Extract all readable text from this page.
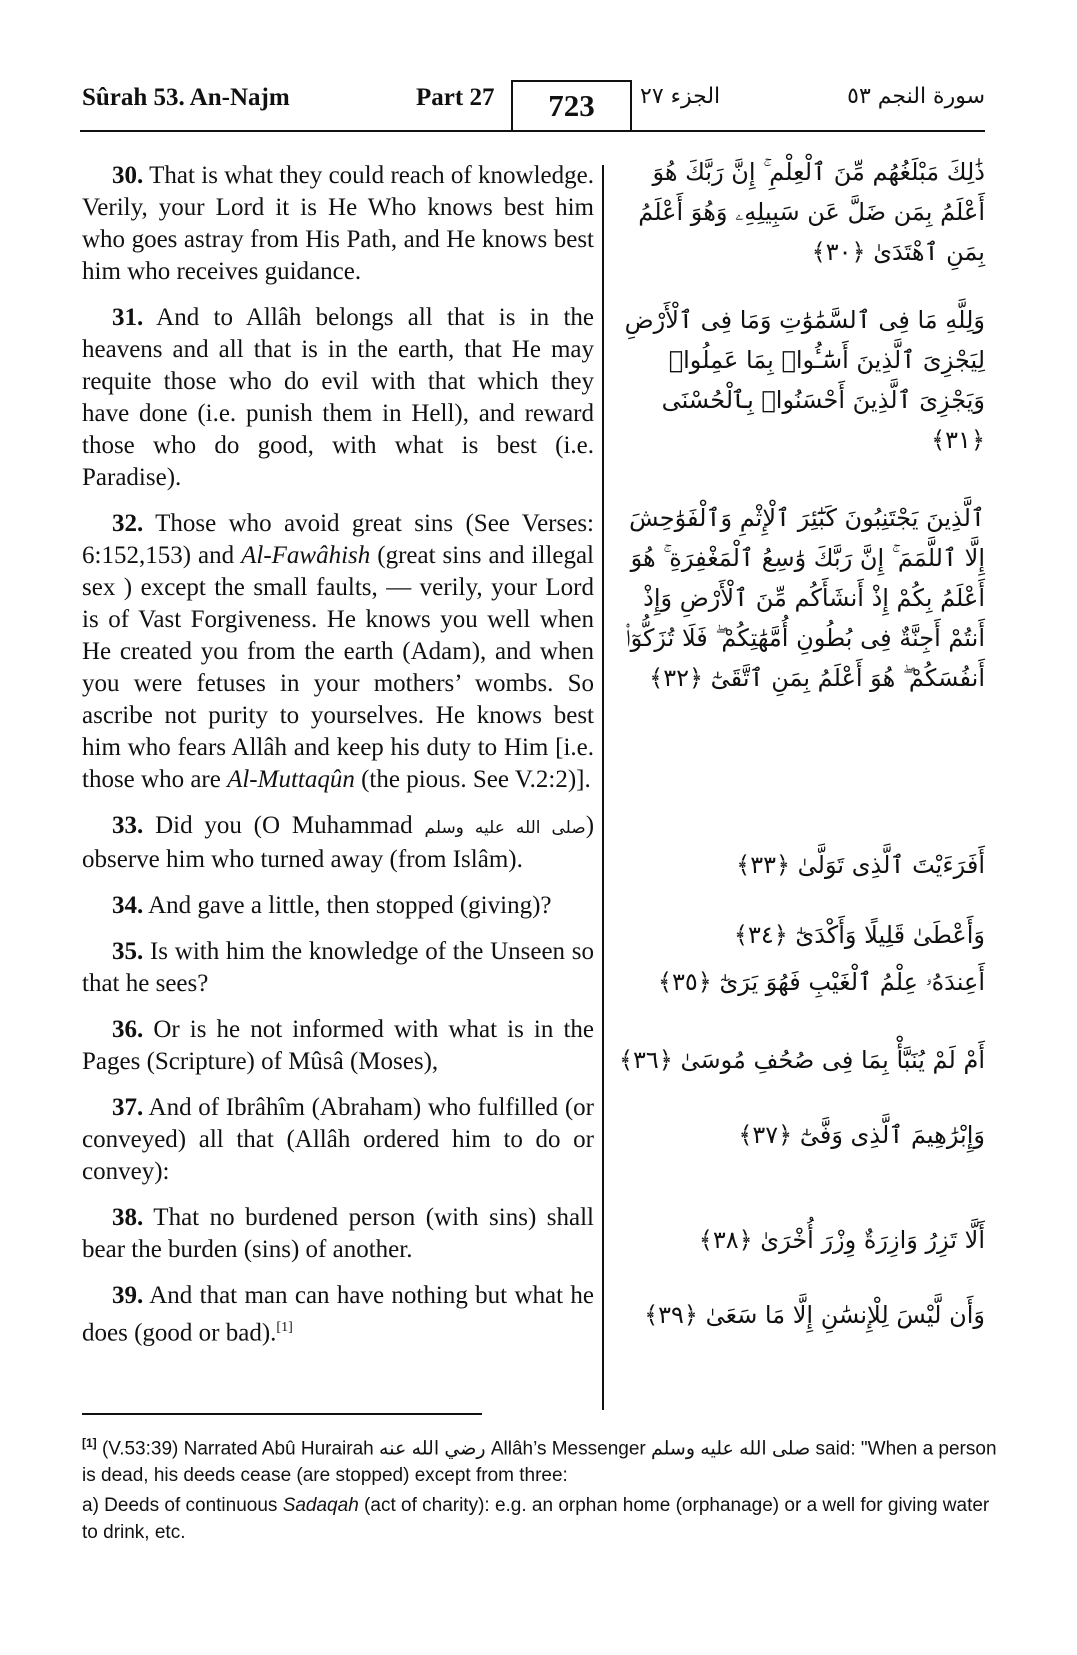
Sûrah 53. An-Najm	Part 27	723	الجزء ٢٧	سورة النجم ٥٣
30. That is what they could reach of knowledge. Verily, your Lord it is He Who knows best him who goes astray from His Path, and He knows best him who receives guidance.
31. And to Allâh belongs all that is in the heavens and all that is in the earth, that He may requite those who do evil with that which they have done (i.e. punish them in Hell), and reward those who do good, with what is best (i.e. Paradise).
32. Those who avoid great sins (See Verses: 6:152,153) and Al-Fawâhish (great sins and illegal sex ) except the small faults, — verily, your Lord is of Vast Forgiveness. He knows you well when He created you from the earth (Adam), and when you were fetuses in your mothers’ wombs. So ascribe not purity to yourselves. He knows best him who fears Allâh and keep his duty to Him [i.e. those who are Al-Muttaqûn (the pious. See V.2:2)].
33. Did you (O Muhammad صلى الله عليه وسلم) observe him who turned away (from Islâm).
34. And gave a little, then stopped (giving)?
35. Is with him the knowledge of the Unseen so that he sees?
36. Or is he not informed with what is in the Pages (Scripture) of Mûsâ (Moses),
37. And of Ibrâhîm (Abraham) who fulfilled (or conveyed) all that (Allâh ordered him to do or convey):
38. That no burdened person (with sins) shall bear the burden (sins) of another.
39. And that man can have nothing but what he does (good or bad).[1]
ذَٰلِكَ مَبْلَغُهُم مِّنَ ٱلْعِلْمِ ۚ إِنَّ رَبَّكَ هُوَ أَعْلَمُ بِمَن ضَلَّ عَن سَبِيلِهِۦ وَهُوَ أَعْلَمُ بِمَنِ ٱهْتَدَىٰ ﴿٣٠﴾
وَلِلَّهِ مَا فِى ٱلسَّمَٰوَٰتِ وَمَا فِى ٱلْأَرْضِ لِيَجْزِىَ ٱلَّذِينَ أَسَٰٓـُٔوا۟ بِمَا عَمِلُوا۟ وَيَجْزِىَ ٱلَّذِينَ أَحْسَنُوا۟ بِٱلْحُسْنَى ﴿٣١﴾
ٱلَّذِينَ يَجْتَنِبُونَ كَبَٰٓئِرَ ٱلْإِثْمِ وَٱلْفَوَٰحِشَ إِلَّا ٱللَّمَمَ ۚ إِنَّ رَبَّكَ وَٰسِعُ ٱلْمَغْفِرَةِ ۚ هُوَ أَعْلَمُ بِكُمْ إِذْ أَنشَأَكُم مِّنَ ٱلْأَرْضِ وَإِذْ أَنتُمْ أَجِنَّةٌ فِى بُطُونِ أُمَّهَٰتِكُمْ ۖ فَلَا تُزَكُّوٓا۟ أَنفُسَكُمْ ۖ هُوَ أَعْلَمُ بِمَنِ ٱتَّقَىٰٓ ﴿٣٢﴾
أَفَرَءَيْتَ ٱلَّذِى تَوَلَّىٰ ﴿٣٣﴾
وَأَعْطَىٰ قَلِيلًا وَأَكْدَىٰٓ ﴿٣٤﴾
أَعِندَهُۥ عِلْمُ ٱلْغَيْبِ فَهُوَ يَرَىٰٓ ﴿٣٥﴾
أَمْ لَمْ يُنَبَّأْ بِمَا فِى صُحُفِ مُوسَىٰ ﴿٣٦﴾
وَإِبْرَٰهِيمَ ٱلَّذِى وَفَّىٰٓ ﴿٣٧﴾
أَلَّا تَزِرُ وَازِرَةٌ وِزْرَ أُخْرَىٰ ﴿٣٨﴾
وَأَن لَّيْسَ لِلْإِنسَٰنِ إِلَّا مَا سَعَىٰ ﴿٣٩﴾
[1] (V.53:39) Narrated Abû Hurairah رضي الله عنه Allâh’s Messenger صلى الله عليه وسلم said: "When a person is dead, his deeds cease (are stopped) except from three:
a) Deeds of continuous Sadaqah (act of charity): e.g. an orphan home (orphanage) or a well for giving water to drink, etc.
